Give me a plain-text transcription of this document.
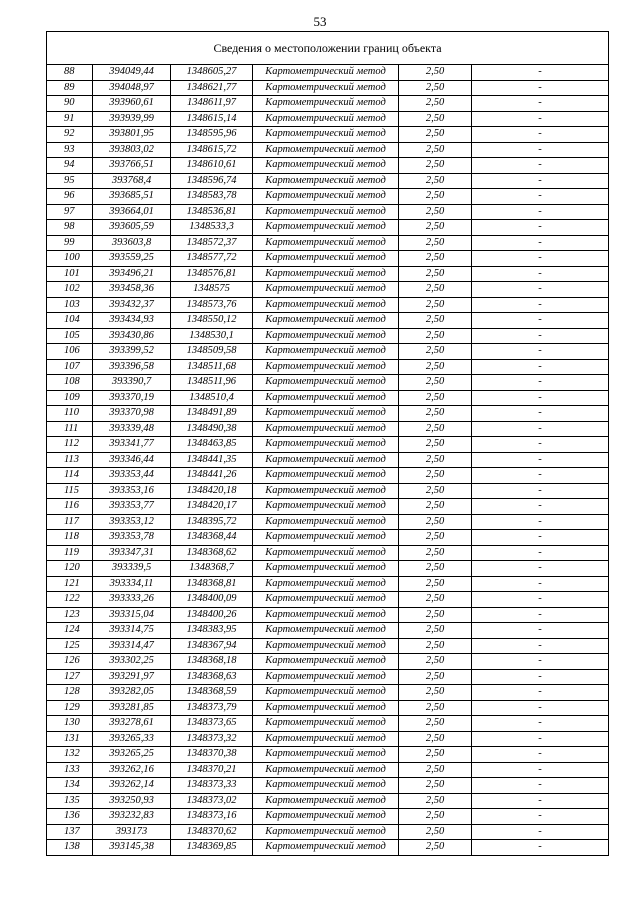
53
Сведения о местоположении границ объекта					
88	394049,44	1348605,27	Картометрический метод	2,50	-
89	394048,97	1348621,77	Картометрический метод	2,50	-
90	393960,61	1348611,97	Картометрический метод	2,50	-
91	393939,99	1348615,14	Картометрический метод	2,50	-
92	393801,95	1348595,96	Картометрический метод	2,50	-
93	393803,02	1348615,72	Картометрический метод	2,50	-
94	393766,51	1348610,61	Картометрический метод	2,50	-
95	393768,4	1348596,74	Картометрический метод	2,50	-
96	393685,51	1348583,78	Картометрический метод	2,50	-
97	393664,01	1348536,81	Картометрический метод	2,50	-
98	393605,59	1348533,3	Картометрический метод	2,50	-
99	393603,8	1348572,37	Картометрический метод	2,50	-
100	393559,25	1348577,72	Картометрический метод	2,50	-
101	393496,21	1348576,81	Картометрический метод	2,50	-
102	393458,36	1348575	Картометрический метод	2,50	-
103	393432,37	1348573,76	Картометрический метод	2,50	-
104	393434,93	1348550,12	Картометрический метод	2,50	-
105	393430,86	1348530,1	Картометрический метод	2,50	-
106	393399,52	1348509,58	Картометрический метод	2,50	-
107	393396,58	1348511,68	Картометрический метод	2,50	-
108	393390,7	1348511,96	Картометрический метод	2,50	-
109	393370,19	1348510,4	Картометрический метод	2,50	-
110	393370,98	1348491,89	Картометрический метод	2,50	-
111	393339,48	1348490,38	Картометрический метод	2,50	-
112	393341,77	1348463,85	Картометрический метод	2,50	-
113	393346,44	1348441,35	Картометрический метод	2,50	-
114	393353,44	1348441,26	Картометрический метод	2,50	-
115	393353,16	1348420,18	Картометрический метод	2,50	-
116	393353,77	1348420,17	Картометрический метод	2,50	-
117	393353,12	1348395,72	Картометрический метод	2,50	-
118	393353,78	1348368,44	Картометрический метод	2,50	-
119	393347,31	1348368,62	Картометрический метод	2,50	-
120	393339,5	1348368,7	Картометрический метод	2,50	-
121	393334,11	1348368,81	Картометрический метод	2,50	-
122	393333,26	1348400,09	Картометрический метод	2,50	-
123	393315,04	1348400,26	Картометрический метод	2,50	-
124	393314,75	1348383,95	Картометрический метод	2,50	-
125	393314,47	1348367,94	Картометрический метод	2,50	-
126	393302,25	1348368,18	Картометрический метод	2,50	-
127	393291,97	1348368,63	Картометрический метод	2,50	-
128	393282,05	1348368,59	Картометрический метод	2,50	-
129	393281,85	1348373,79	Картометрический метод	2,50	-
130	393278,61	1348373,65	Картометрический метод	2,50	-
131	393265,33	1348373,32	Картометрический метод	2,50	-
132	393265,25	1348370,38	Картометрический метод	2,50	-
133	393262,16	1348370,21	Картометрический метод	2,50	-
134	393262,14	1348373,33	Картометрический метод	2,50	-
135	393250,93	1348373,02	Картометрический метод	2,50	-
136	393232,83	1348373,16	Картометрический метод	2,50	-
137	393173	1348370,62	Картометрический метод	2,50	-
138	393145,38	1348369,85	Картометрический метод	2,50	-
